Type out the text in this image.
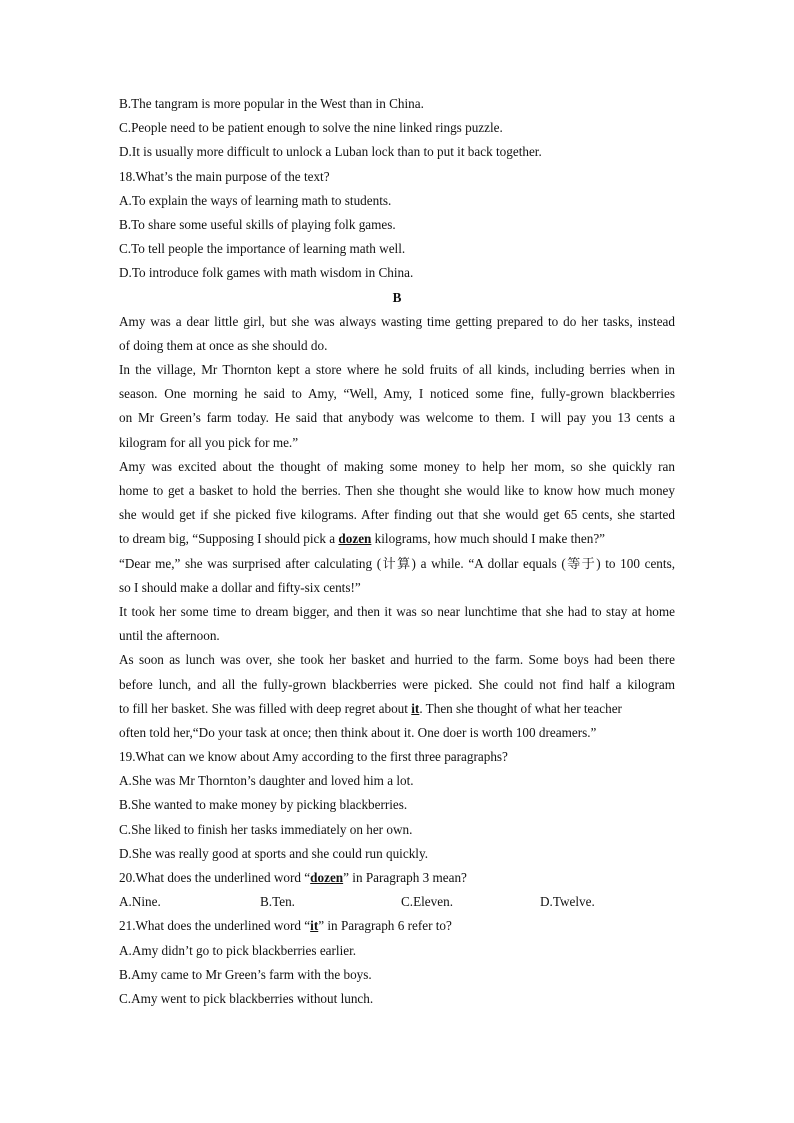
B.The tangram is more popular in the West than in China.
C.People need to be patient enough to solve the nine linked rings puzzle.
D.It is usually more difficult to unlock a Luban lock than to put it back together.
18.What’s the main purpose of the text?
A.To explain the ways of learning math to students.
B.To share some useful skills of playing folk games.
C.To tell people the importance of learning math well.
D.To introduce folk games with math wisdom in China.
B
Amy was a dear little girl, but she was always wasting time getting prepared to do her tasks, instead
of doing them at once as she should do.
In the village, Mr Thornton kept a store where he sold fruits of all kinds, including berries when in
season. One morning he said to Amy, “Well, Amy, I noticed some fine, fully-grown blackberries
on Mr Green’s farm today. He said that anybody was welcome to them. I will pay you 13 cents a
kilogram for all you pick for me.”
Amy was excited about the thought of making some money to help her mom, so she quickly ran
home to get a basket to hold the berries. Then she thought she would like to know how much money
she would get if she picked five kilograms. After finding out that she would get 65 cents, she started
to dream big, “Supposing I should pick a dozen kilograms, how much should I make then?”
“Dear me,” she was surprised after calculating (计算) a while. “A dollar equals (等于) to 100 cents,
so I should make a dollar and fifty-six cents!”
It took her some time to dream bigger, and then it was so near lunchtime that she had to stay at home
until the afternoon.
As soon as lunch was over, she took her basket and hurried to the farm. Some boys had been there
before lunch, and all the fully-grown blackberries were picked. She could not find half a kilogram
to fill her basket. She was filled with deep regret about it. Then she thought of what her teacher
often told her,“Do your task at once; then think about it. One doer is worth 100 dreamers.”
19.What can we know about Amy according to the first three paragraphs?
A.She was Mr Thornton’s daughter and loved him a lot.
B.She wanted to make money by picking blackberries.
C.She liked to finish her tasks immediately on her own.
D.She was really good at sports and she could run quickly.
20.What does the underlined word “dozen” in Paragraph 3 mean?
A.Nine.	B.Ten.	C.Eleven.	D.Twelve.
21.What does the underlined word “it” in Paragraph 6 refer to?
A.Amy didn’t go to pick blackberries earlier.
B.Amy came to Mr Green’s farm with the boys.
C.Amy went to pick blackberries without lunch.
